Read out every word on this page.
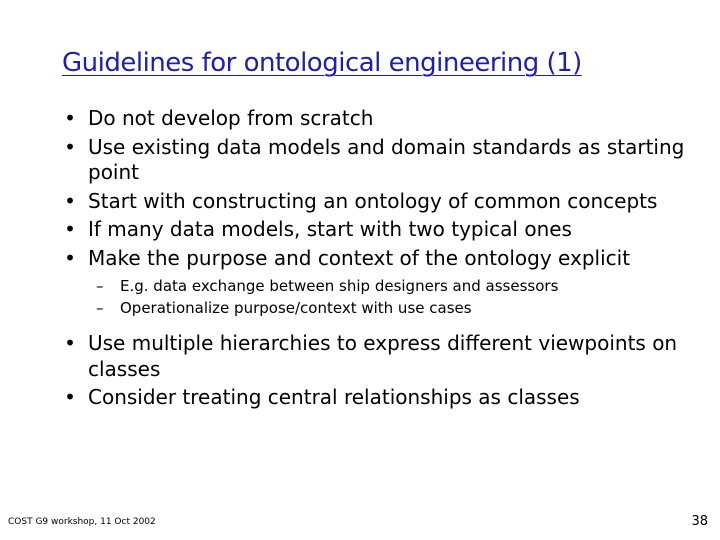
Guidelines for ontological engineering (1)
• Do not develop from scratch
• Use existing data models and domain standards as starting point
• Start with constructing an ontology of common concepts
• If many data models, start with two typical ones
• Make the purpose and context of the ontology explicit
– E.g. data exchange between ship designers and assessors
– Operationalize purpose/context with use cases
• Use multiple hierarchies to express different viewpoints on classes
• Consider treating central relationships as classes
COST G9 workshop, 11 Oct 2002	38
